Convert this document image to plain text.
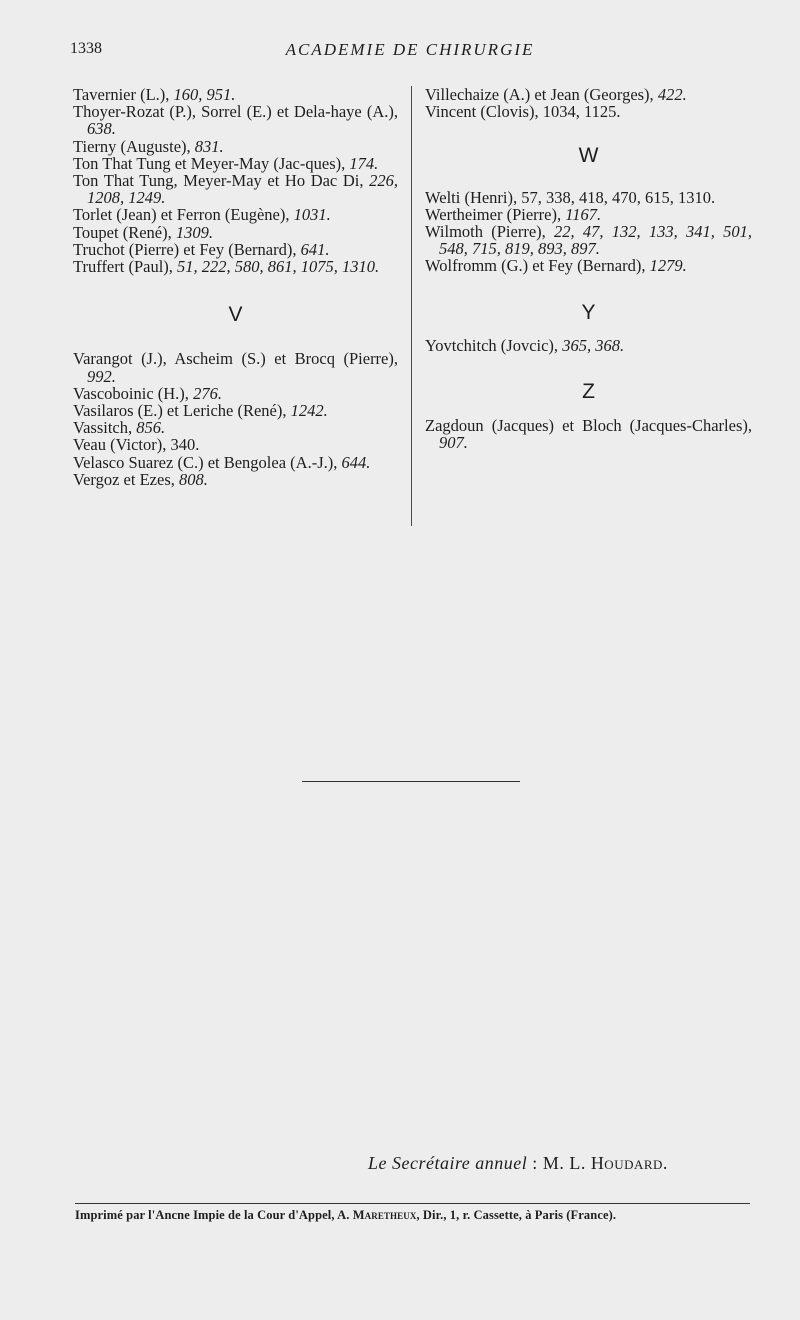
1338	ACADEMIE DE CHIRURGIE

Tavernier (L.), 160, 951.

Thoyer-Rozat (P.), Sorrel (E.) et Dela-haye (A.), 638.

Tierny (Auguste), 831.

Ton That Tung et Meyer-May (Jac-ques), 174.

Ton That Tung, Meyer-May et Ho Dac Di, 226, 1208, 1249.

Torlet (Jean) et Ferron (Eugène), 1031.

Toupet (René), 1309.

Truchot (Pierre) et Fey (Bernard), 641.

Truffert (Paul), 51, 222, 580, 861, 1075, 1310.

V

Varangot (J.), Ascheim (S.) et Brocq (Pierre), 992.

Vascoboinic (H.), 276.

Vasilaros (E.) et Leriche (René), 1242.

Vassitch, 856.

Veau (Victor), 340.

Velasco Suarez (C.) et Bengolea (A.-J.), 644.

Vergoz et Ezes, 808.

Villechaize (A.) et Jean (Georges), 422.

Vincent (Clovis), 1034, 1125.

W

Welti (Henri), 57, 338, 418, 470, 615, 1310.

Wertheimer (Pierre), 1167.

Wilmoth (Pierre), 22, 47, 132, 133, 341, 501, 548, 715, 819, 893, 897.

Wolfromm (G.) et Fey (Bernard), 1279.

Y

Yovtchitch (Jovcic), 365, 368.

Z

Zagdoun (Jacques) et Bloch (Jacques-Charles), 907.

Le Secrétaire annuel : M. L. Houdard.
Imprimé par l'Ancne Impie de la Cour d'Appel, A. Maretheux, Dir., 1, r. Cassette, à Paris (France).
